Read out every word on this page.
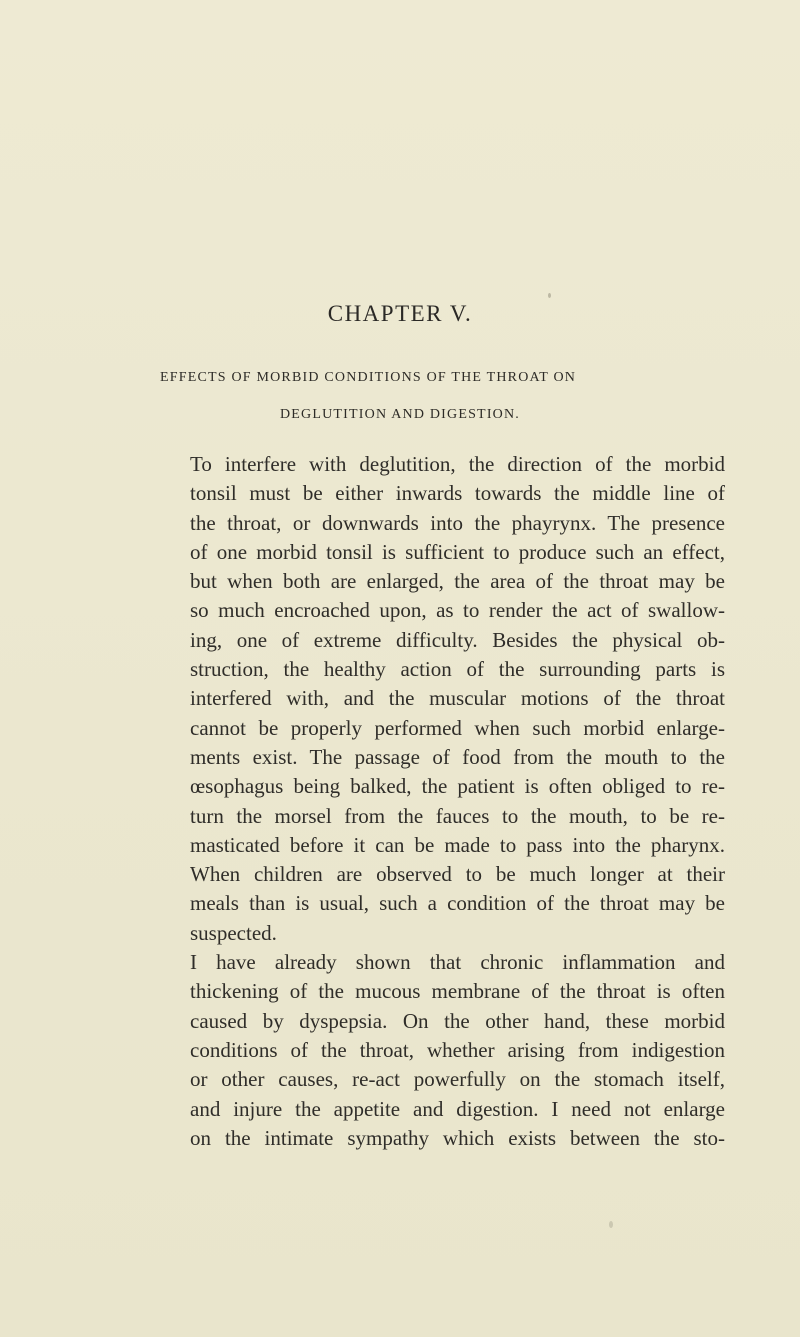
CHAPTER V.
EFFECTS OF MORBID CONDITIONS OF THE THROAT ON
DEGLUTITION AND DIGESTION.
To interfere with deglutition, the direction of the morbid
tonsil must be either inwards towards the middle line of
the throat, or downwards into the phayrynx. The presence
of one morbid tonsil is sufficient to produce such an effect,
but when both are enlarged, the area of the throat may be
so much encroached upon, as to render the act of swallow-
ing, one of extreme difficulty. Besides the physical ob-
struction, the healthy action of the surrounding parts is
interfered with, and the muscular motions of the throat
cannot be properly performed when such morbid enlarge-
ments exist. The passage of food from the mouth to the
œsophagus being balked, the patient is often obliged to re-
turn the morsel from the fauces to the mouth, to be re-
masticated before it can be made to pass into the pharynx.
When children are observed to be much longer at their
meals than is usual, such a condition of the throat may be
suspected.
I have already shown that chronic inflammation and
thickening of the mucous membrane of the throat is often
caused by dyspepsia. On the other hand, these morbid
conditions of the throat, whether arising from indigestion
or other causes, re-act powerfully on the stomach itself,
and injure the appetite and digestion. I need not enlarge
on the intimate sympathy which exists between the sto-
